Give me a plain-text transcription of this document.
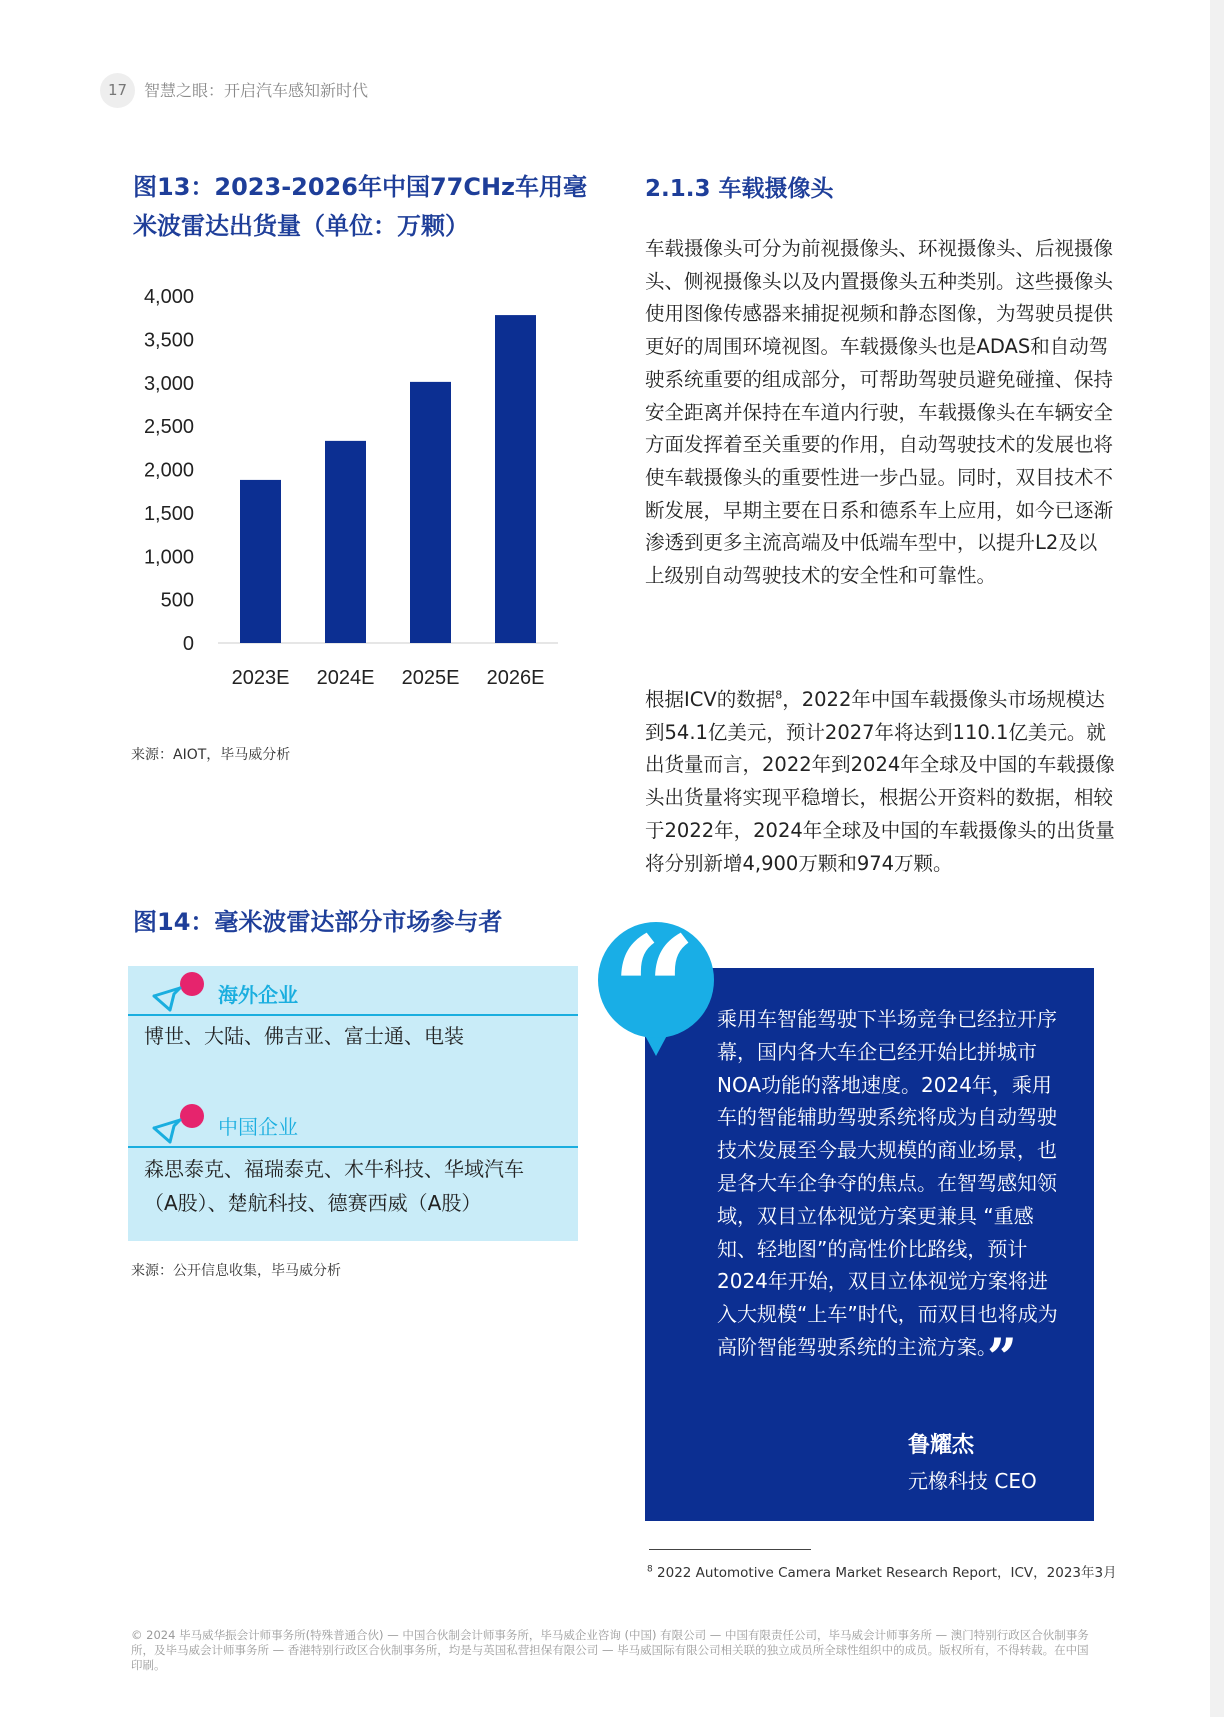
17	智慧之眼：开启汽车感知新时代
图13：2023-2026年中国77CHz车用毫米波雷达出货量（单位：万颗）
0
500
1,000
1,500
2,000
2,500
3,000
3,500
4,000
2023E 2024E 2025E 2026E
来源：AIOT，毕马威分析
图14：毫米波雷达部分市场参与者
海外企业
博世、大陆、佛吉亚、富士通、电装
中国企业
森思泰克、福瑞泰克、木牛科技、华域汽车
（A股）、楚航科技、德赛西威（A股）
来源：公开信息收集，毕马威分析
2.1.3 车载摄像头
车载摄像头可分为前视摄像头、环视摄像头、后视摄像头、侧视摄像头以及内置摄像头五种类别。这些摄像头使用图像传感器来捕捉视频和静态图像，为驾驶员提供更好的周围环境视图。车载摄像头也是ADAS和自动驾驶系统重要的组成部分，可帮助驾驶员避免碰撞、保持安全距离并保持在车道内行驶，车载摄像头在车辆安全方面发挥着至关重要的作用，自动驾驶技术的发展也将使车载摄像头的重要性进一步凸显。同时，双目技术不断发展，早期主要在日系和德系车上应用，如今已逐渐渗透到更多主流高端及中低端车型中，以提升L2及以上级别自动驾驶技术的安全性和可靠性。
根据ICV的数据$^8$，2022年中国车载摄像头市场规模达到54.1亿美元，预计2027年将达到110.1亿美元。就出货量而言，2022年到2024年全球及中国的车载摄像头出货量将实现平稳增长，根据公开资料的数据，相较于2022年，2024年全球及中国的车载摄像头的出货量将分别新增4,900万颗和974万颗。
“ 乘用车智能驾驶下半场竞争已经拉开序幕，国内各大车企已经开始比拼城市NOA功能的落地速度。2024年，乘用车的智能辅助驾驶系统将成为自动驾驶技术发展至今最大规模的商业场景，也是各大车企争夺的焦点。在智驾感知领域，双目立体视觉方案更兼具 “重感知、轻地图”的高性价比路线，预计2024年开始，双目立体视觉方案将进入大规模“上车”时代，而双目也将成为高阶智能驾驶系统的主流方案。”
鲁耀杰
元橡科技 CEO
$^8$ 2022 Automotive Camera Market Research Report，ICV，2023年3月
© 2024 毕马威华振会计师事务所(特殊普通合伙) — 中国合伙制会计师事务所，毕马威企业咨询 (中国) 有限公司 — 中国有限责任公司，毕马威会计师事务所 — 澳门特别行政区合伙制事务所，及毕马威会计师事务所 — 香港特别行政区合伙制事务所，均是与英国私营担保有限公司 — 毕马威国际有限公司相关联的独立成员所全球性组织中的成员。版权所有，不得转载。在中国印刷。
